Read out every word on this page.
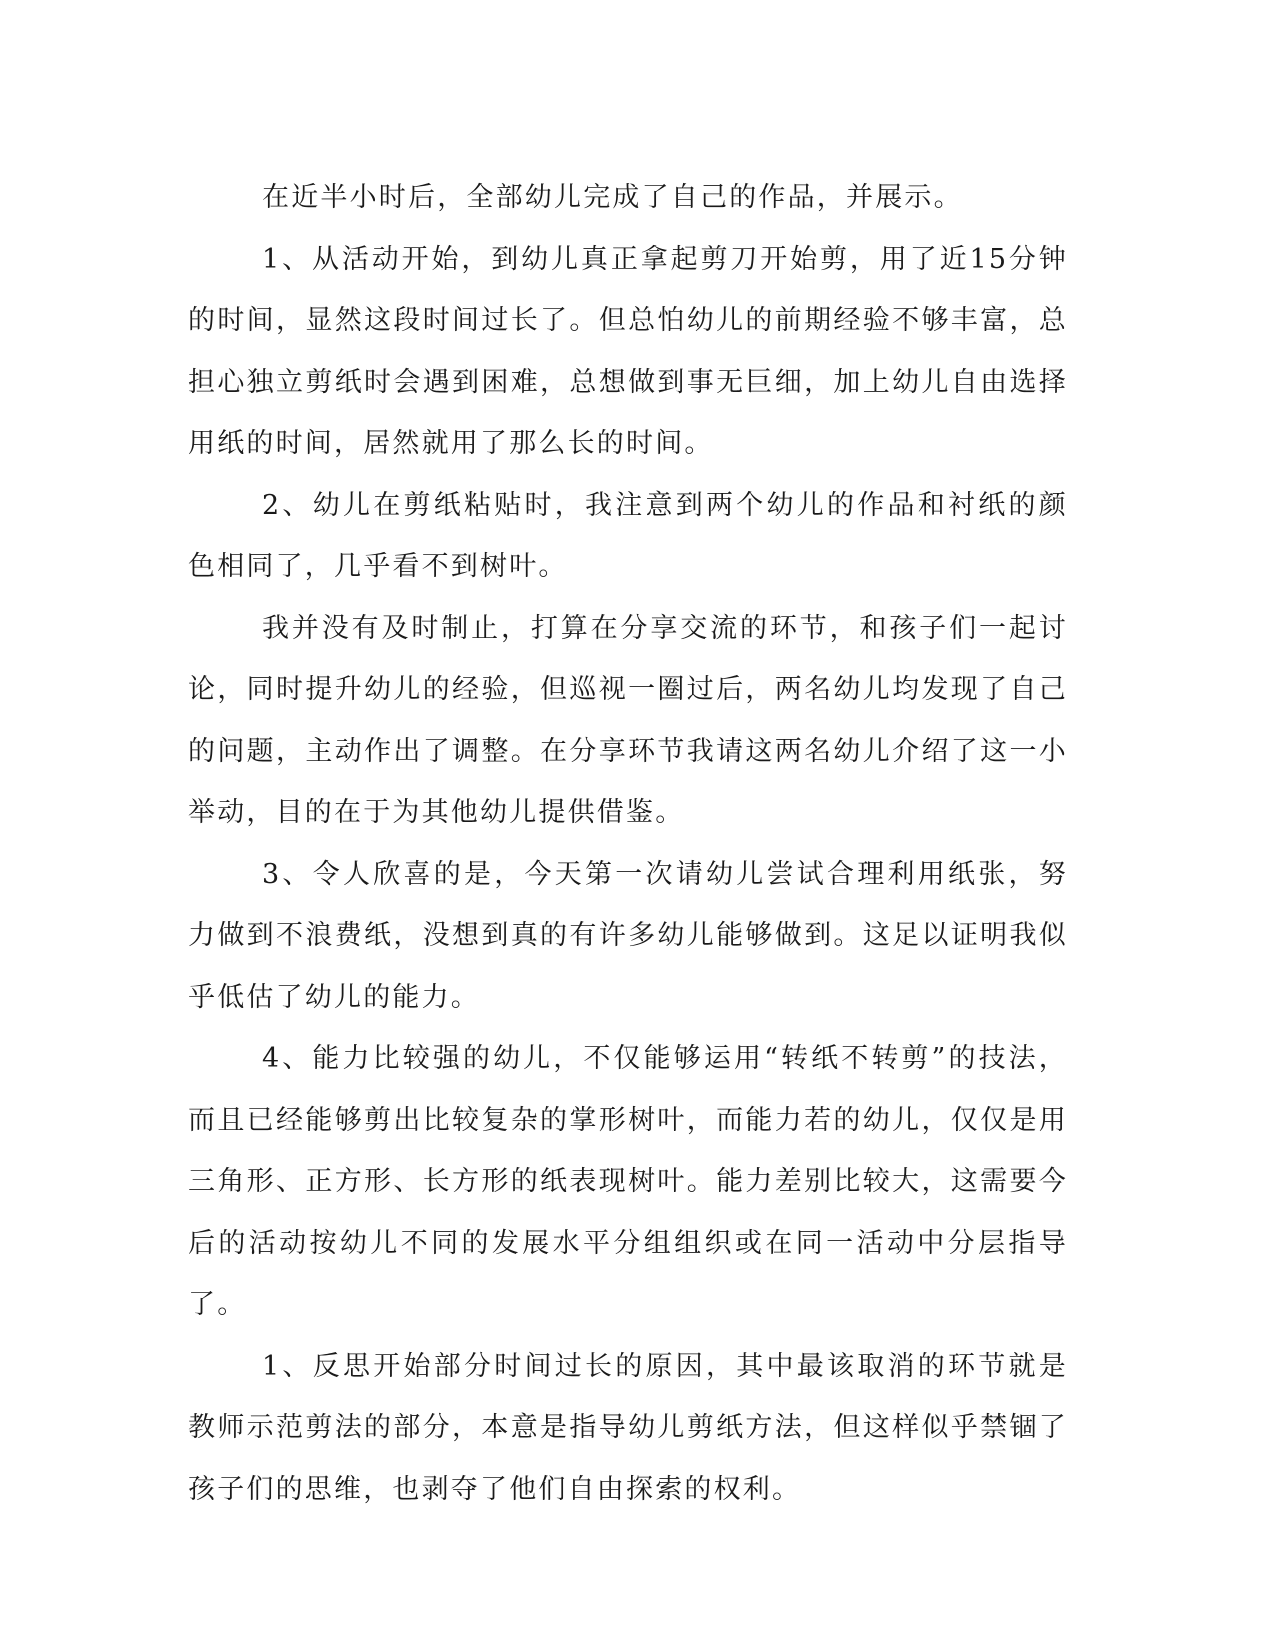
在近半小时后，全部幼儿完成了自己的作品，并展示。

1、从活动开始，到幼儿真正拿起剪刀开始剪，用了近15分钟的时间，显然这段时间过长了。但总怕幼儿的前期经验不够丰富，总担心独立剪纸时会遇到困难，总想做到事无巨细，加上幼儿自由选择用纸的时间，居然就用了那么长的时间。

2、幼儿在剪纸粘贴时，我注意到两个幼儿的作品和衬纸的颜色相同了，几乎看不到树叶。

我并没有及时制止，打算在分享交流的环节，和孩子们一起讨论，同时提升幼儿的经验，但巡视一圈过后，两名幼儿均发现了自己的问题，主动作出了调整。在分享环节我请这两名幼儿介绍了这一小举动，目的在于为其他幼儿提供借鉴。

3、令人欣喜的是，今天第一次请幼儿尝试合理利用纸张，努力做到不浪费纸，没想到真的有许多幼儿能够做到。这足以证明我似乎低估了幼儿的能力。

4、能力比较强的幼儿，不仅能够运用“转纸不转剪”的技法，而且已经能够剪出比较复杂的掌形树叶，而能力若的幼儿，仅仅是用三角形、正方形、长方形的纸表现树叶。能力差别比较大，这需要今后的活动按幼儿不同的发展水平分组组织或在同一活动中分层指导了。

1、反思开始部分时间过长的原因，其中最该取消的环节就是教师示范剪法的部分，本意是指导幼儿剪纸方法，但这样似乎禁锢了孩子们的思维，也剥夺了他们自由探索的权利。
